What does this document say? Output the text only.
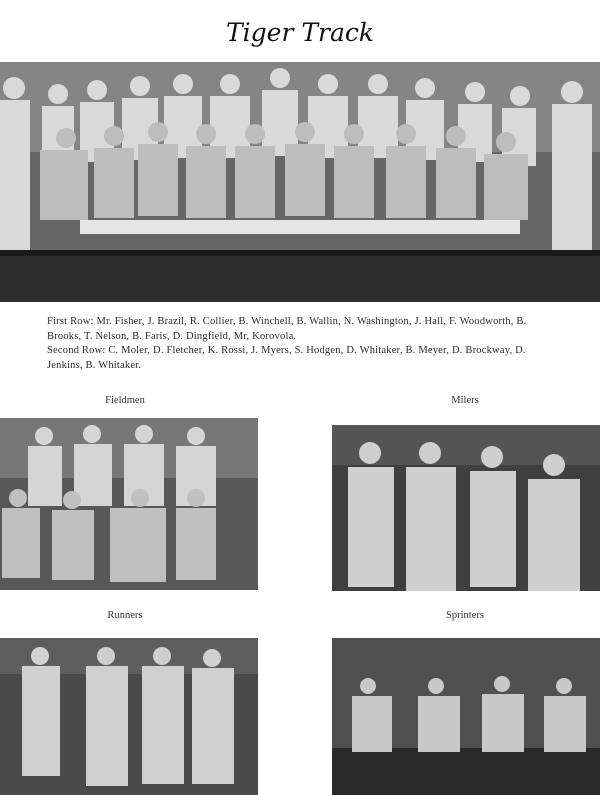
Tiger Track

First Row: Mr. Fisher, J. Brazil, R. Collier, B. Winchell, B. Wallin, N. Washington, J. Hall, F. Woodworth, B. Brooks, T. Nelson, B. Faris, D. Dingfield, Mr, Korovola.

Second Row: C. Moler, D. Fletcher, K. Rossi, J. Myers, S. Hodgen, D. Whitaker, B. Meyer, D. Brockway, D. Jenkins, B. Whitaker.

Fieldmen	Milers
Runners	Sprinters
